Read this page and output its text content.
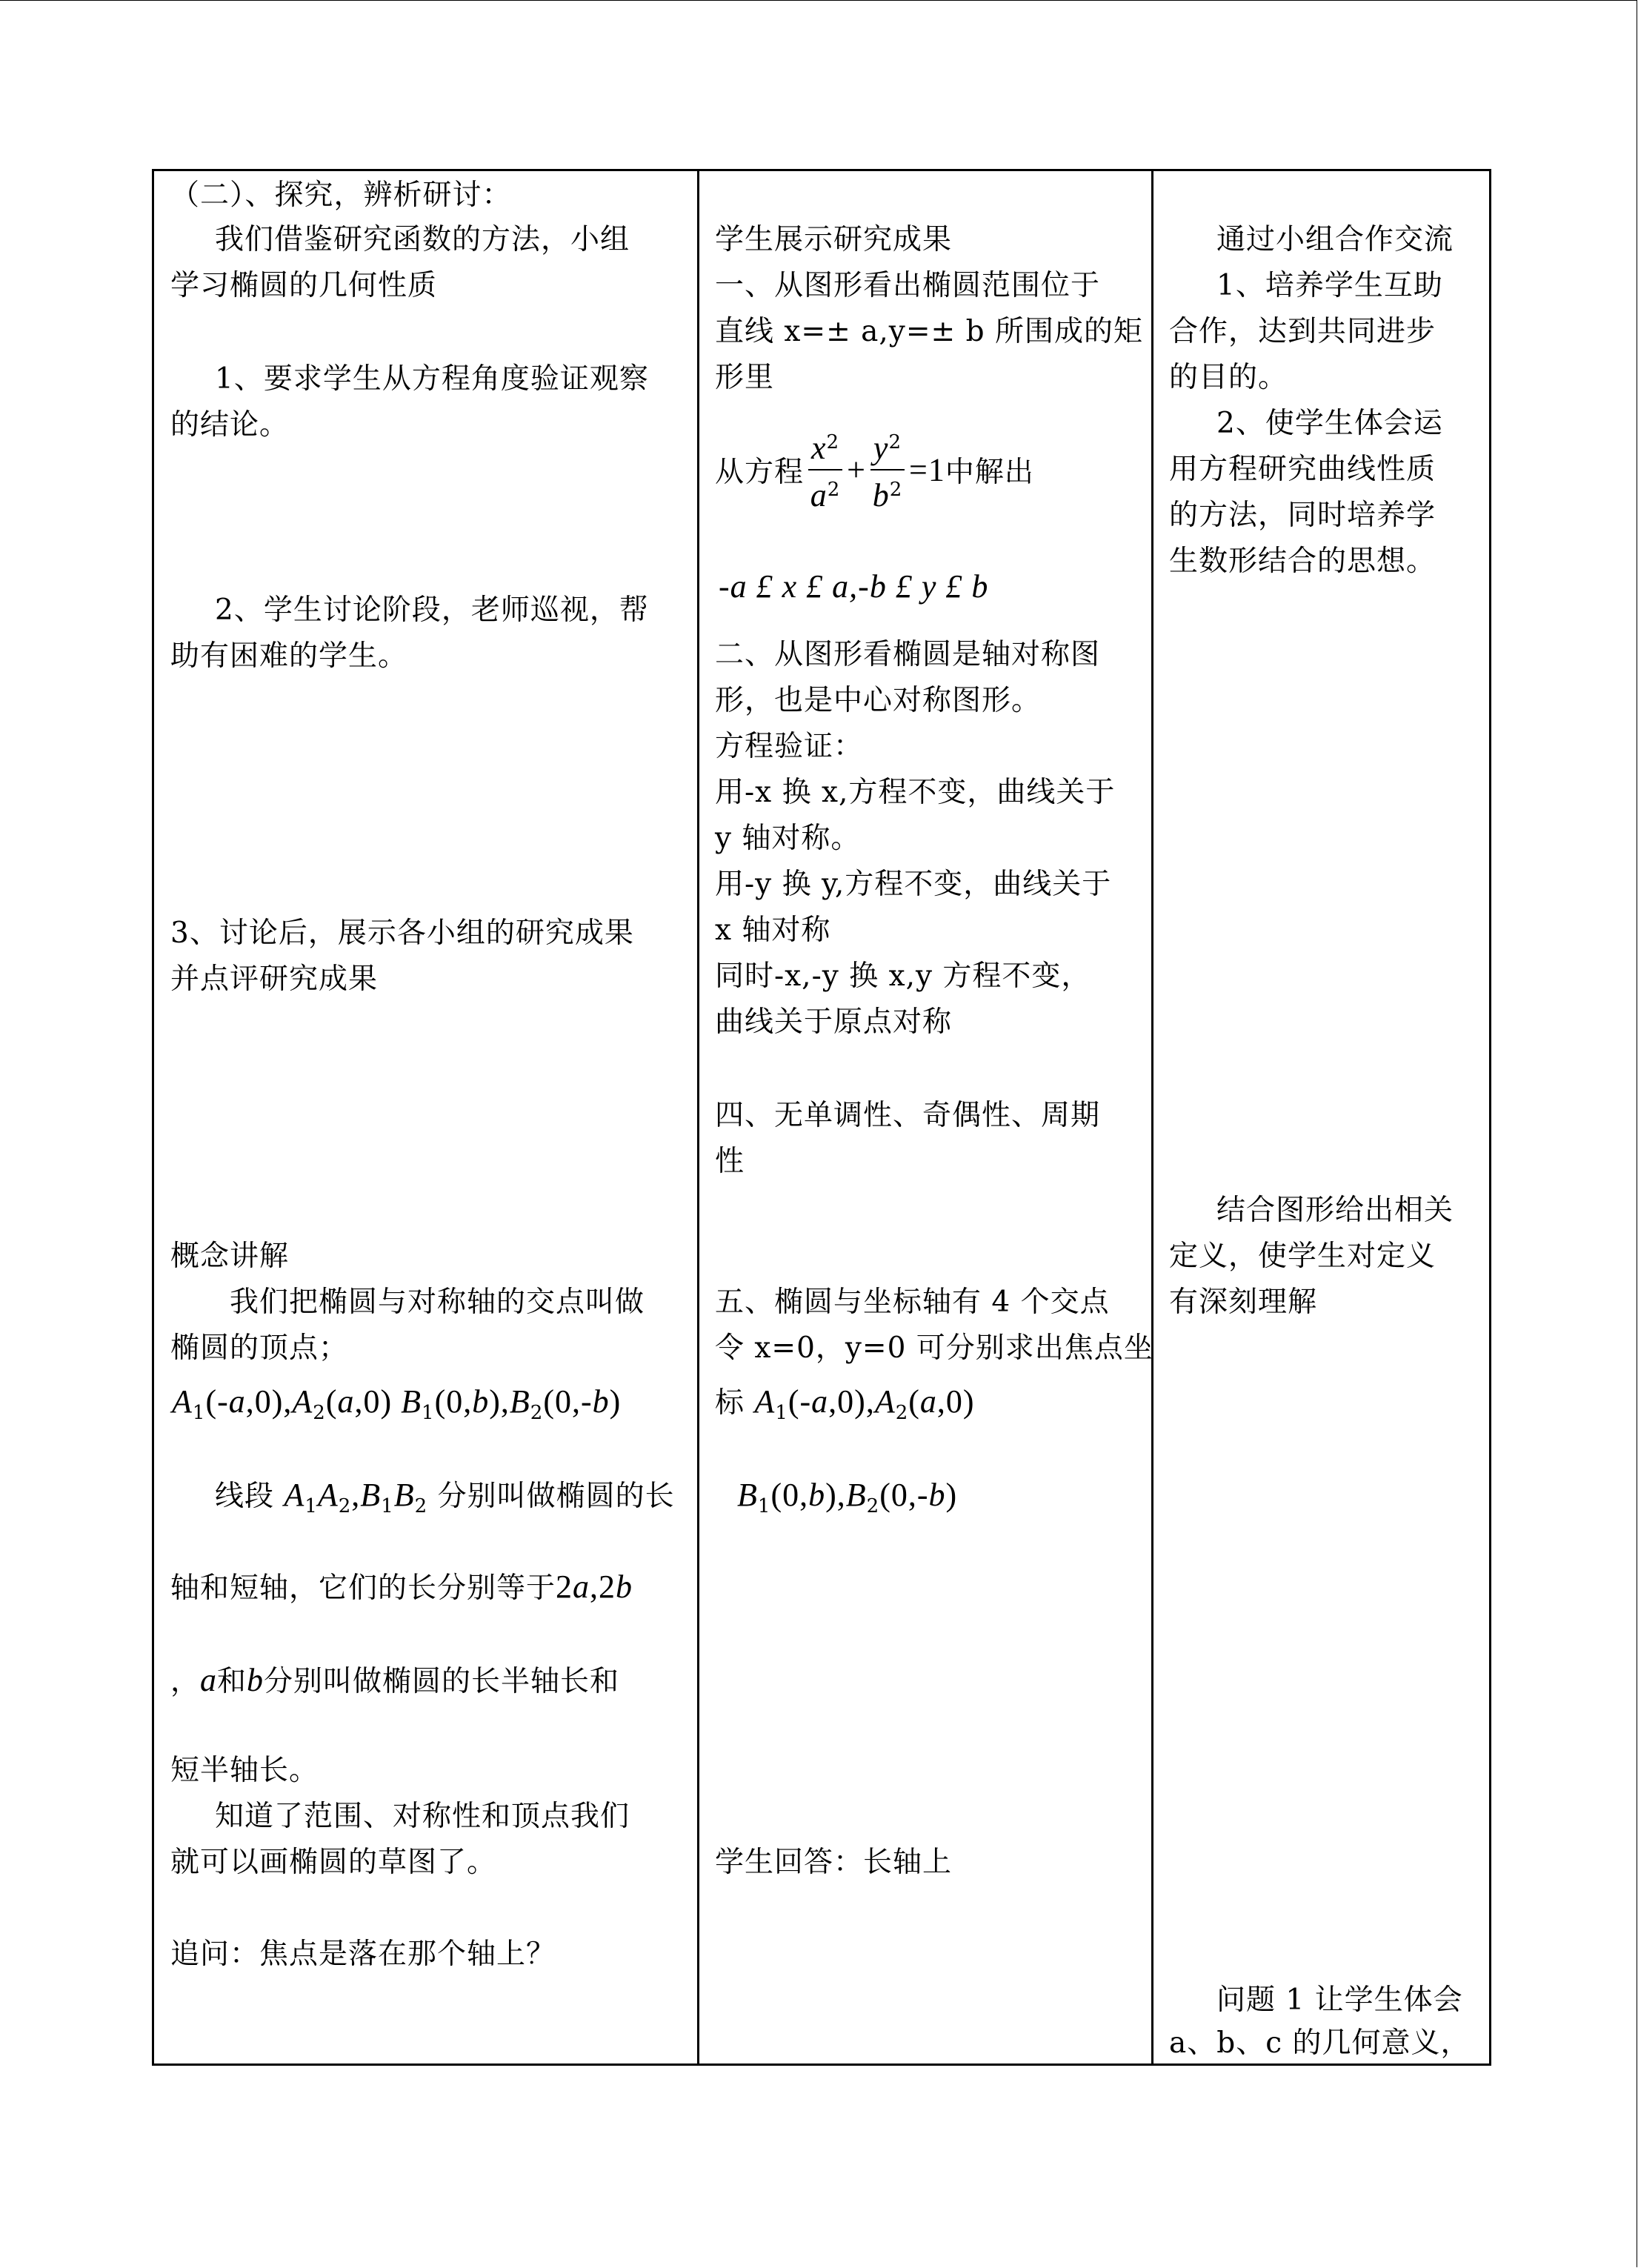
（二）、探究，辨析研讨：
我们借鉴研究函数的方法，小组
学习椭圆的几何性质
1、要求学生从方程角度验证观察
的结论。
2、学生讨论阶段，老师巡视，帮
助有困难的学生。
3、讨论后，展示各小组的研究成果
并点评研究成果
概念讲解
我们把椭圆与对称轴的交点叫做
椭圆的顶点；
$A_1(-a,0),A_2(a,0)$ $B_1(0,b),B_2(0,-b)$
线段 $A_1A_2,B_1B_2$ 分别叫做椭圆的长
轴和短轴，它们的长分别等于2a,2b
，a和b分别叫做椭圆的长半轴长和
短半轴长。
知道了范围、对称性和顶点我们
就可以画椭圆的草图了。
追问：焦点是落在那个轴上？
学生展示研究成果
一、从图形看出椭圆范围位于
直线 x=± a,y=± b 所围成的矩
形里
从方程 $\frac{x^2}{a^2} + \frac{y^2}{b^2} =1$中解出
-a £ x £ a,-b £ y £ b
二、从图形看椭圆是轴对称图
形，也是中心对称图形。
方程验证：
用-x 换 x,方程不变，曲线关于
y 轴对称。
用-y 换 y,方程不变，曲线关于
x 轴对称
同时-x,-y 换 x,y 方程不变，
曲线关于原点对称
四、无单调性、奇偶性、周期
性
五、椭圆与坐标轴有 4 个交点
令 x=0，y=0 可分别求出焦点坐
标 $A_1(-a,0),A_2(a,0)$
$B_1(0,b),B_2(0,-b)$
学生回答：长轴上
通过小组合作交流
1、培养学生互助
合作，达到共同进步
的目的。
2、使学生体会运
用方程研究曲线性质
的方法，同时培养学
生数形结合的思想。
结合图形给出相关
定义，使学生对定义
有深刻理解
问题 1 让学生体会
a、b、c 的几何意义，
